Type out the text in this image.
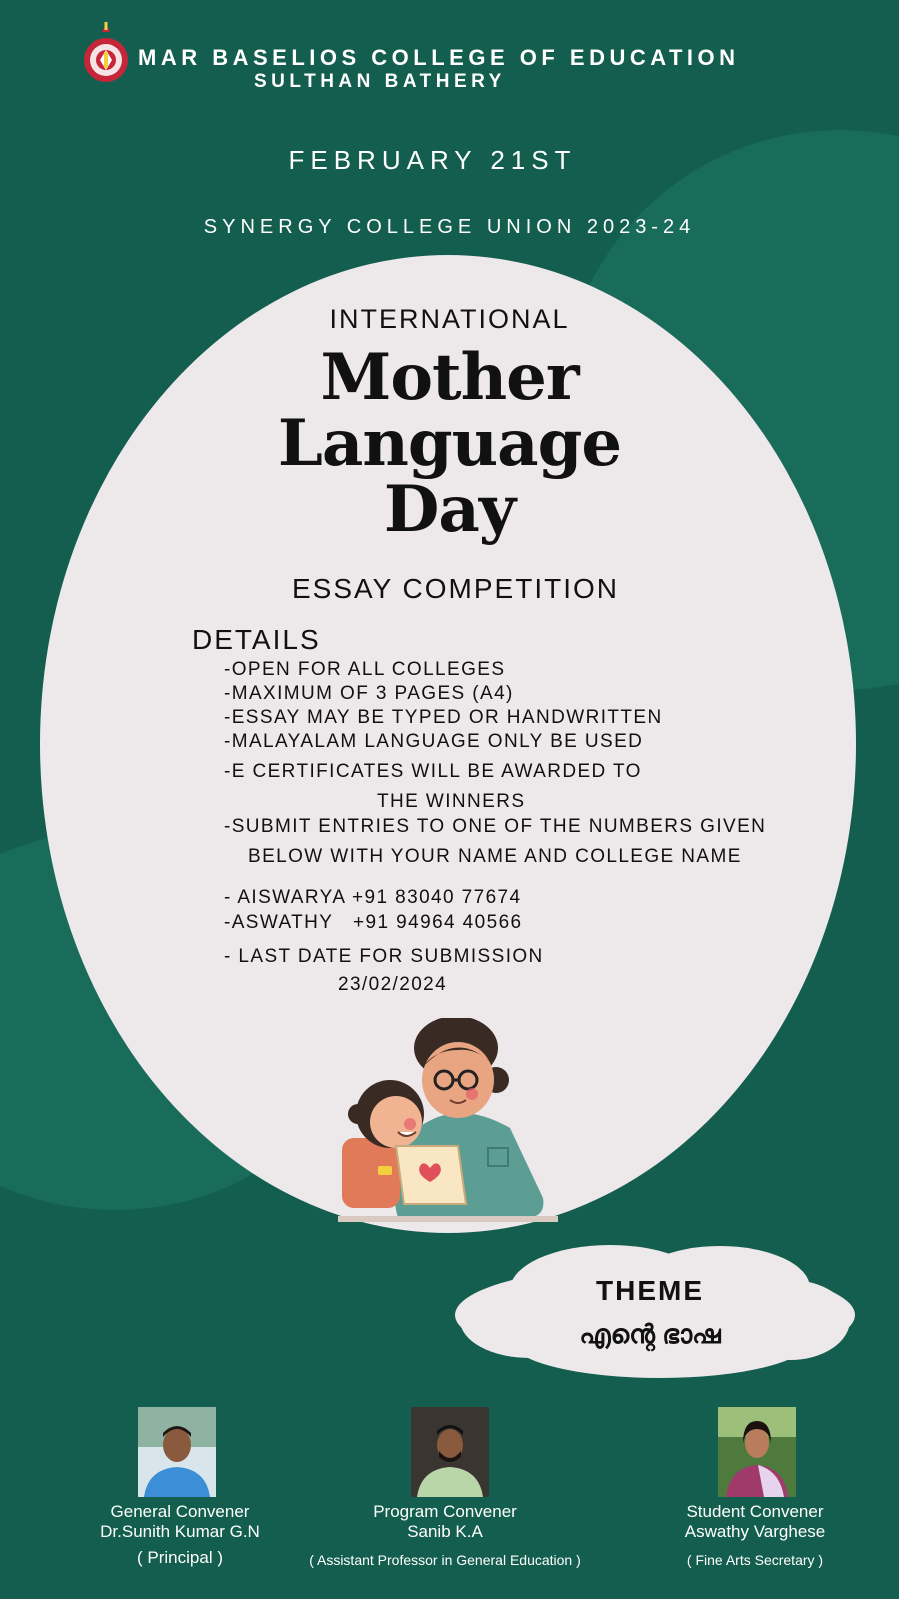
MAR BASELIOS COLLEGE OF EDUCATION
SULTHAN BATHERY
FEBRUARY 21ST
SYNERGY COLLEGE UNION 2023-24
INTERNATIONAL
Mother
Language
Day
ESSAY COMPETITION
DETAILS
-OPEN FOR ALL COLLEGES
-MAXIMUM OF 3 PAGES (A4)
-ESSAY MAY BE TYPED OR HANDWRITTEN
-MALAYALAM LANGUAGE ONLY BE USED
-E CERTIFICATES WILL BE AWARDED TO
THE WINNERS
-SUBMIT ENTRIES TO ONE OF THE NUMBERS GIVEN
BELOW WITH YOUR NAME AND COLLEGE NAME
- AISWARYA +91 83040 77674
-ASWATHY   +91 94964 40566
- LAST DATE FOR SUBMISSION
23/02/2024
THEME
എന്റെ ഭാഷ
General Convener
Dr.Sunith Kumar G.N
( Principal )
Program Convener
Sanib K.A
( Assistant Professor in General Education )
Student Convener
Aswathy Varghese
( Fine Arts Secretary )
